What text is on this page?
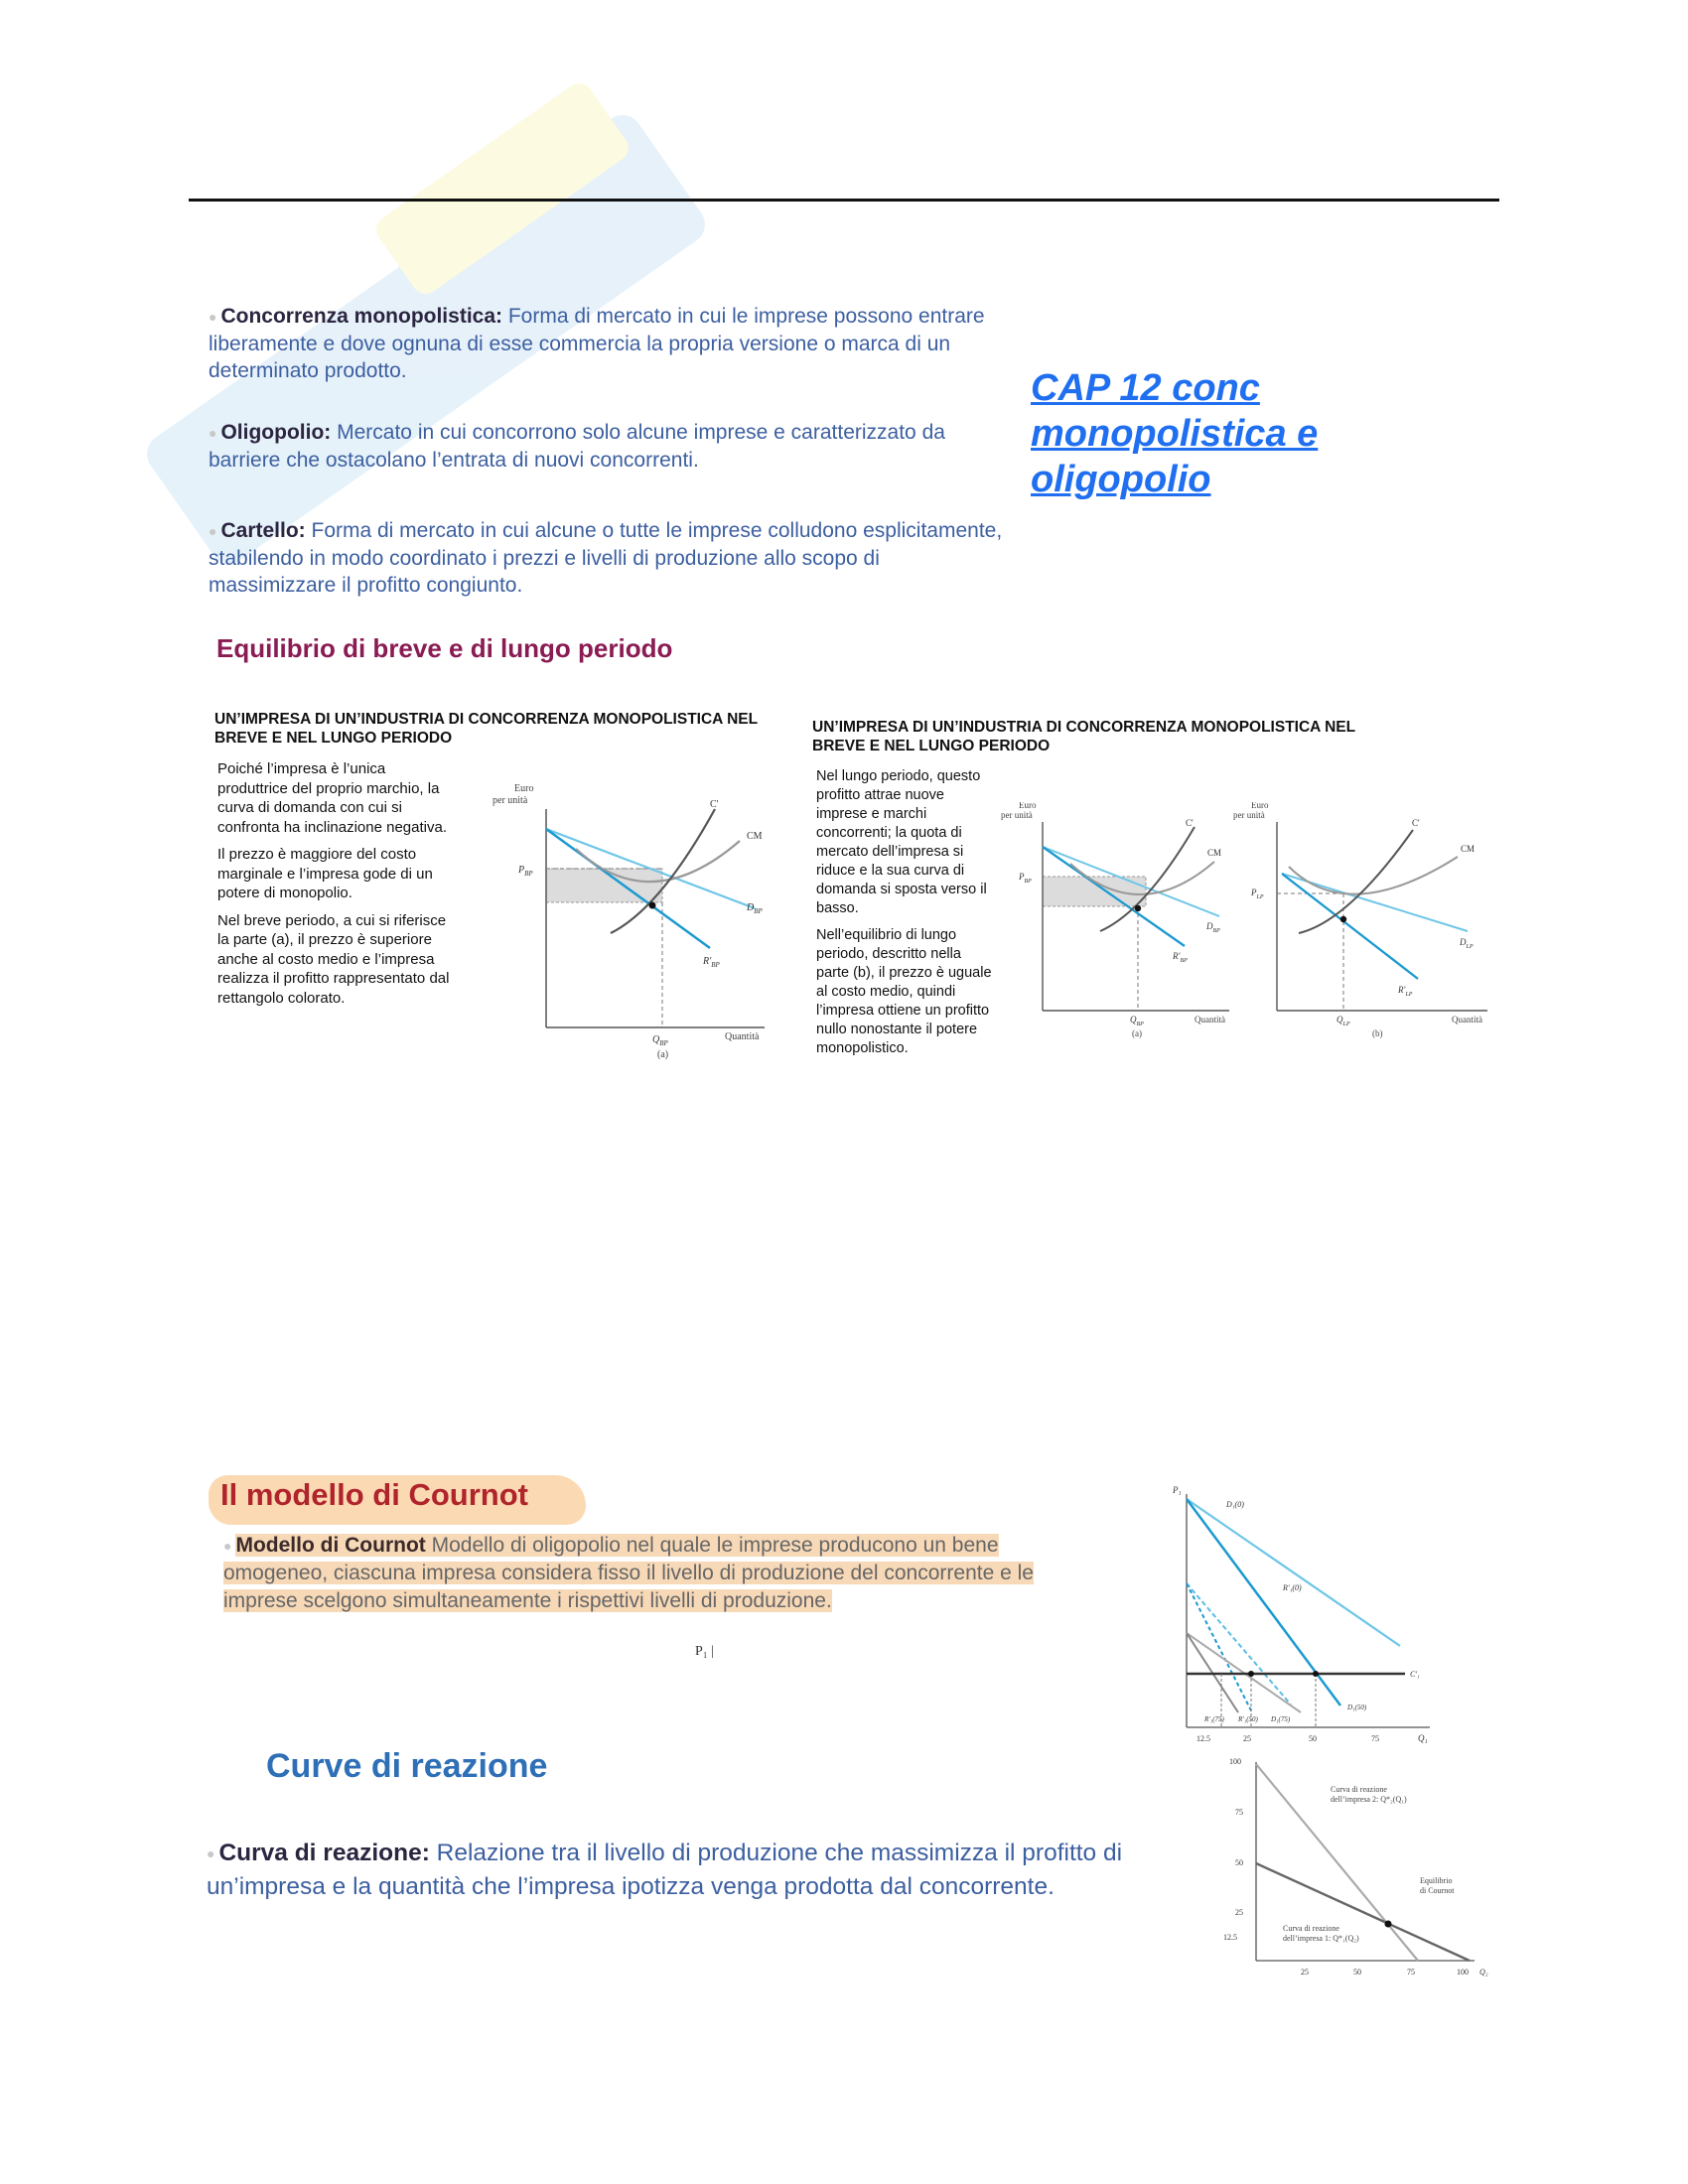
● Concorrenza monopolistica: Forma di mercato in cui le imprese possono entrare liberamente e dove ognuna di esse commercia la propria versione o marca di un determinato prodotto.
● Oligopolio: Mercato in cui concorrono solo alcune imprese e caratterizzato da barriere che ostacolano l’entrata di nuovi concorrenti.
● Cartello: Forma di mercato in cui alcune o tutte le imprese colludono esplicitamente, stabilendo in modo coordinato i prezzi e livelli di produzione allo scopo di massimizzare il profitto congiunto.
CAP 12 conc monopolistica e oligopolio
Equilibrio di breve e di lungo periodo
UN’IMPRESA DI UN’INDUSTRIA DI CONCORRENZA MONOPOLISTICA NEL BREVE E NEL LUNGO PERIODO

Poiché l’impresa è l’unica produttrice del proprio marchio, la curva di domanda con cui si confronta ha inclinazione negativa.

Il prezzo è maggiore del costo marginale e l’impresa gode di un potere di monopolio.

Nel breve periodo, a cui si riferisce la parte (a), il prezzo è superiore anche al costo medio e l’impresa realizza il profitto rappresentato dal rettangolo colorato.

Euro
per unità
$P_{BP}$
$Q_{BP}$
(a)
Quantità
C'
CM
$D_{BP}$
$R'_{BP}$
UN’IMPRESA DI UN’INDUSTRIA DI CONCORRENZA MONOPOLISTICA NEL BREVE E NEL LUNGO PERIODO

Nel lungo periodo, questo profitto attrae nuove imprese e marchi concorrenti; la quota di mercato dell’impresa si riduce e la sua curva di domanda si sposta verso il basso.

Nell’equilibrio di lungo periodo, descritto nella parte (b), il prezzo è uguale al costo medio, quindi l’impresa ottiene un profitto nullo nonostante il potere monopolistico.

Euro
per unità
$P_{BP}$
$Q_{BP}$
(a)
Quantità
C'
CM
$D_{BP}$
$R'_{BP}$
Euro
per unità
$P_{LP}$
$Q_{LP}$
(b)
Quantità
C'
CM
$D_{LP}$
$R'_{LP}$
Il modello di Cournot
● Modello di Cournot Modello di oligopolio nel quale le imprese producono un bene omogeneo, ciascuna impresa considera fisso il livello di produzione del concorrente e le imprese scelgono simultaneamente i rispettivi livelli di produzione.
P₁ |
P₁
Q₁
D₁(0)
R'₁(0)
C'₁
D₁(50)
R'₁(75) R'₁(50) D₁(75)
12.5	25	50	75
Curve di reazione
● Curva di reazione: Relazione tra il livello di produzione che massimizza il profitto di un’impresa e la quantità che l’impresa ipotizza venga prodotta dal concorrente.
100
75
50
25
12.5
25	50	75	100 Q₂
Curva di reazione
dell’impresa 2: Q*₂(Q₁)
Curva di reazione
dell’impresa 1: Q*₁(Q₂)
Equilibrio
di Cournot
